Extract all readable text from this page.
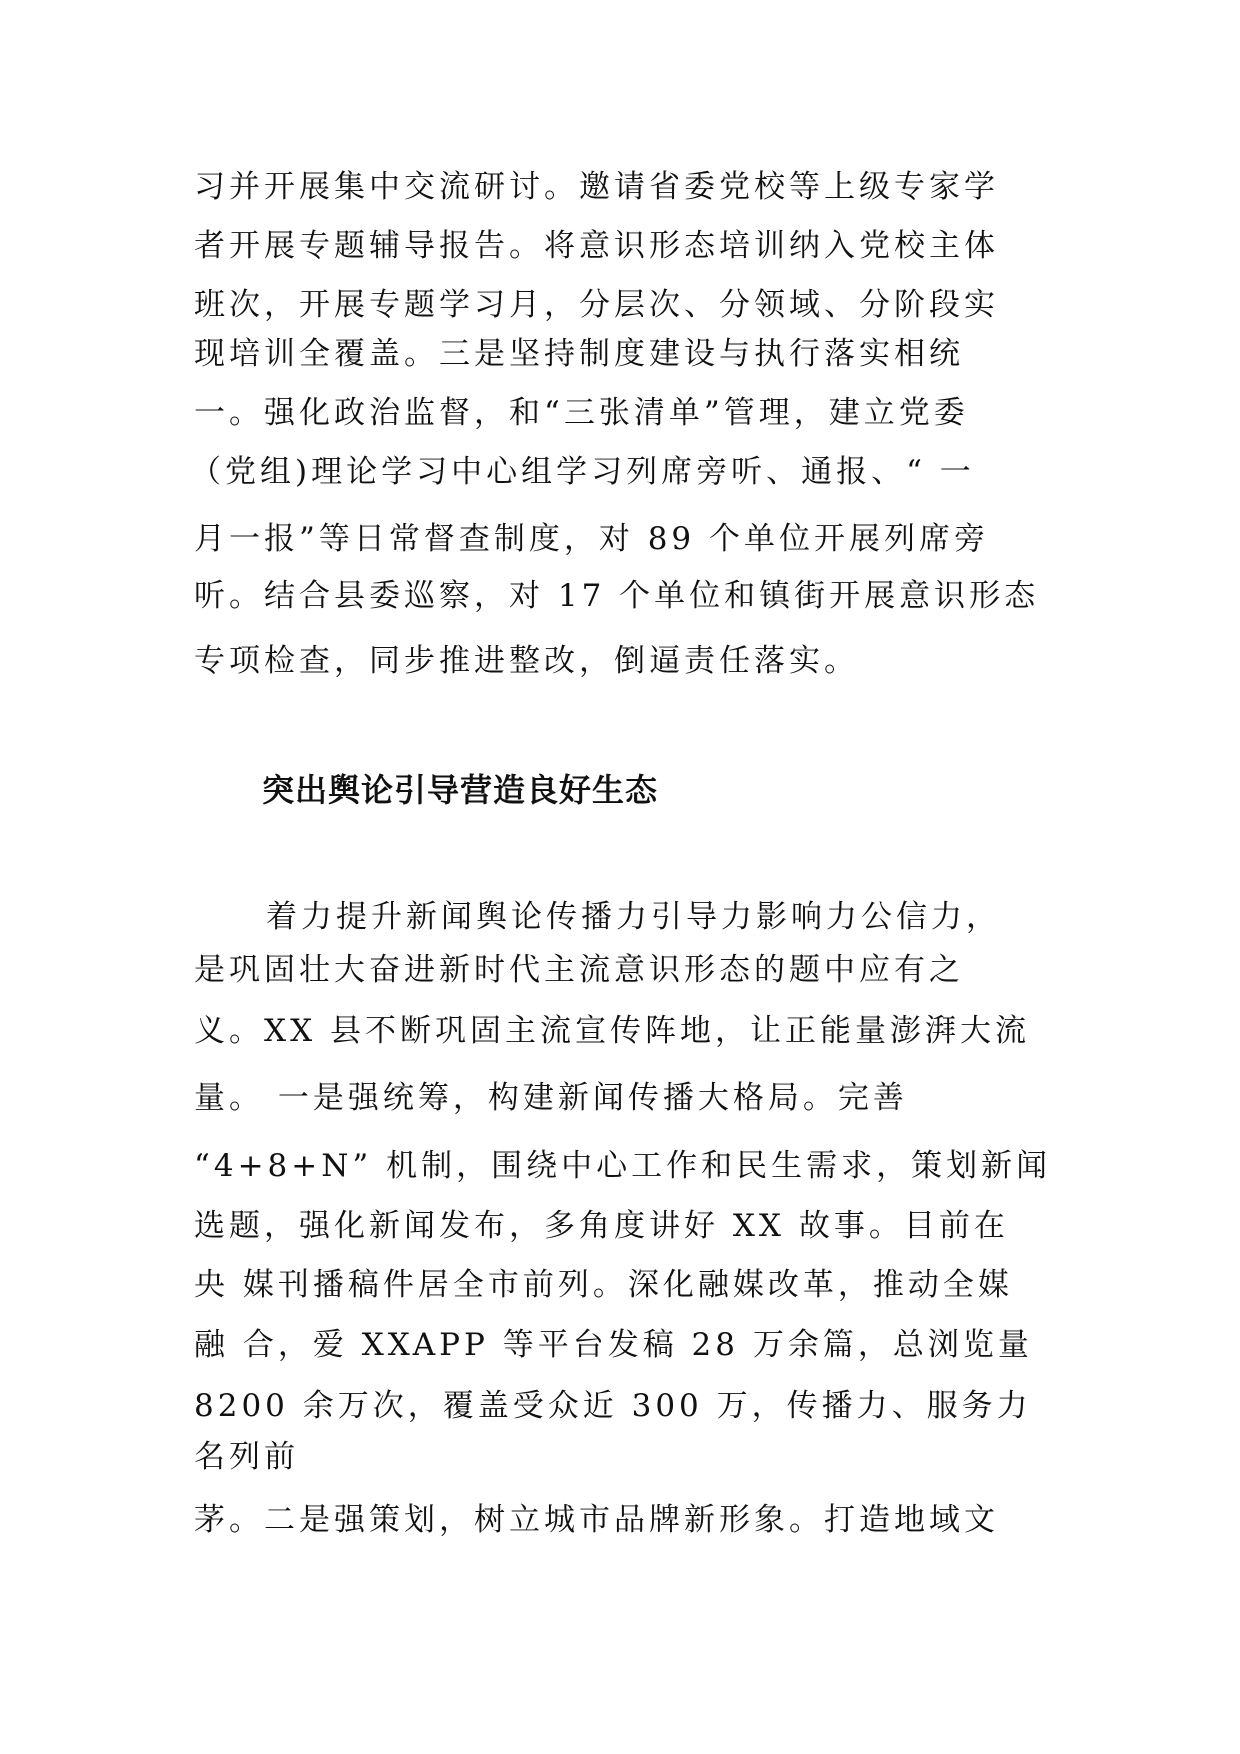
习并开展集中交流研讨。邀请省委党校等上级专家学
者开展专题辅导报告。将意识形态培训纳入党校主体
班次，开展专题学习月，分层次、分领域、分阶段实
现培训全覆盖。三是坚持制度建设与执行落实相统
一。强化政治监督，和“三张清单”管理，建立党委
（党组)理论学习中心组学习列席旁听、通报、“ 一
月一报”等日常督查制度，对 89 个单位开展列席旁
听。结合县委巡察，对 17 个单位和镇街开展意识形态
专项检查，同步推进整改，倒逼责任落实。
突出舆论引导营造良好生态
着力提升新闻舆论传播力引导力影响力公信力，
是巩固壮大奋进新时代主流意识形态的题中应有之
义。XX 县不断巩固主流宣传阵地，让正能量澎湃大流
量。 一是强统筹，构建新闻传播大格局。完善
“4+8+N” 机制，围绕中心工作和民生需求，策划新闻
选题，强化新闻发布，多角度讲好 XX 故事。目前在
央 媒刊播稿件居全市前列。深化融媒改革，推动全媒
融 合，爱 XXAPP 等平台发稿 28 万余篇，总浏览量
8200 余万次，覆盖受众近 300 万，传播力、服务力
名列前
茅。二是强策划，树立城市品牌新形象。打造地域文
